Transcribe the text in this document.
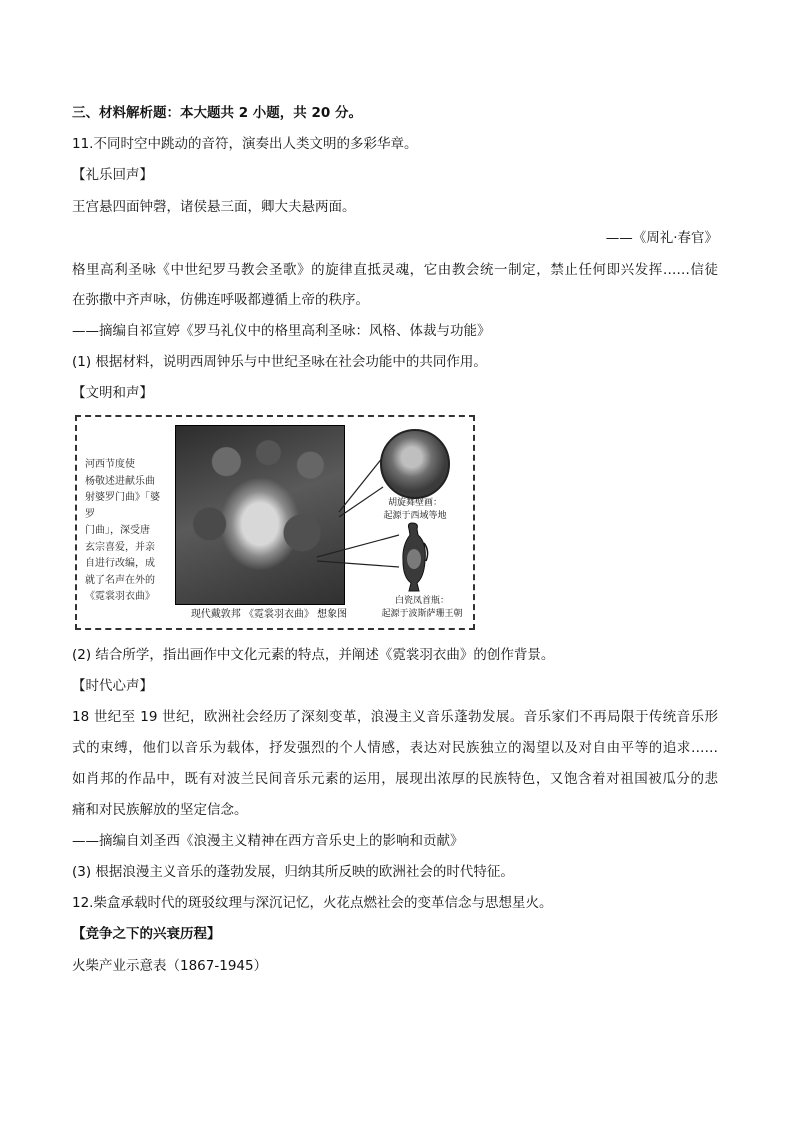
三、材料解析题：本大题共 2 小题，共 20 分。
11.不同时空中跳动的音符，演奏出人类文明的多彩华章。
【礼乐回声】
王宫悬四面钟磬，诸侯悬三面，卿大夫悬两面。
——《周礼·春官》
格里高利圣咏《中世纪罗马教会圣歌》的旋律直抵灵魂，它由教会统一制定，禁止任何即兴发挥……信徒
在弥撒中齐声咏，仿佛连呼吸都遵循上帝的秩序。
——摘编自祁宣婷《罗马礼仪中的格里高利圣咏：风格、体裁与功能》
(1) 根据材料，说明西周钟乐与中世纪圣咏在社会功能中的共同作用。
【文明和声】
河西节度使
杨敬述进献乐曲
射婆罗门曲》「婆罗
门曲」，深受唐
玄宗喜爱，并亲
自进行改编，成
就了名声在外的
《霓裳羽衣曲》
现代戴敦邦 《霓裳羽衣曲》 想象图
胡旋舞壁画：
起源于西域等地
白瓷凤首瓶：
起源于波斯萨珊王朝
(2) 结合所学，指出画作中文化元素的特点，并阐述《霓裳羽衣曲》的创作背景。
【时代心声】
18 世纪至 19 世纪，欧洲社会经历了深刻变革，浪漫主义音乐蓬勃发展。音乐家们不再局限于传统音乐形
式的束缚，他们以音乐为载体，抒发强烈的个人情感，表达对民族独立的渴望以及对自由平等的追求……
如肖邦的作品中，既有对波兰民间音乐元素的运用，展现出浓厚的民族特色，又饱含着对祖国被瓜分的悲
痛和对民族解放的坚定信念。
——摘编自刘圣西《浪漫主义精神在西方音乐史上的影响和贡献》
(3) 根据浪漫主义音乐的蓬勃发展，归纳其所反映的欧洲社会的时代特征。
12.柴盒承载时代的斑驳纹理与深沉记忆，火花点燃社会的变革信念与思想星火。
【竞争之下的兴衰历程】
火柴产业示意表（1867-1945）
